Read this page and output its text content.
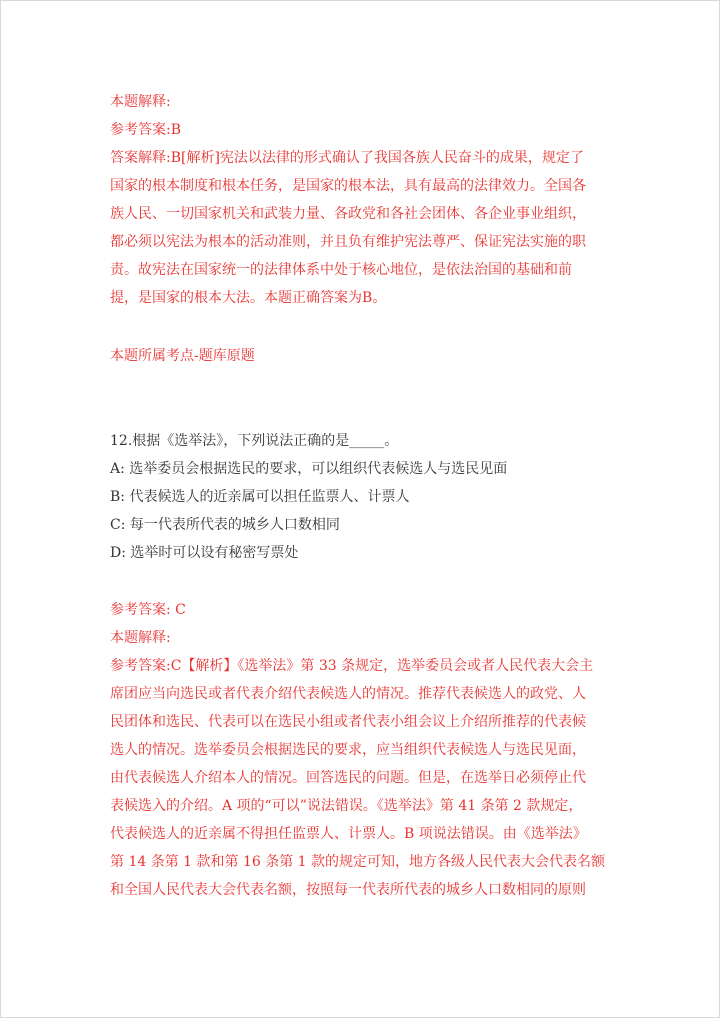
本题解释:
参考答案:B
答案解释:B[解析]宪法以法律的形式确认了我国各族人民奋斗的成果，规定了
国家的根本制度和根本任务，是国家的根本法，具有最高的法律效力。全国各
族人民、一切国家机关和武装力量、各政党和各社会团体、各企业事业组织，
都必须以宪法为根本的活动准则，并且负有维护宪法尊严、保证宪法实施的职
责。故宪法在国家统一的法律体系中处于核心地位，是依法治国的基础和前
提，是国家的根本大法。本题正确答案为B。
本题所属考点-题库原题
12.根据《选举法》，下列说法正确的是_____。
A: 选举委员会根据选民的要求，可以组织代表候选人与选民见面
B: 代表候选人的近亲属可以担任监票人、计票人
C: 每一代表所代表的城乡人口数相同
D: 选举时可以设有秘密写票处
参考答案: C
本题解释:
参考答案:C【解析】《选举法》第 33 条规定，选举委员会或者人民代表大会主
席团应当向选民或者代表介绍代表候选人的情况。推荐代表候选人的政党、人
民团体和选民、代表可以在选民小组或者代表小组会议上介绍所推荐的代表候
选人的情况。选举委员会根据选民的要求，应当组织代表候选人与选民见面，
由代表候选人介绍本人的情况。回答选民的问题。但是，在选举日必须停止代
表候选入的介绍。A 项的“可以”说法错误。《选举法》第 41 条第 2 款规定，
代表候选人的近亲属不得担任监票人、计票人。B 项说法错误。由《选举法》
第 14 条第 1 款和第 16 条第 1 款的规定可知，地方各级人民代表大会代表名额
和全国人民代表大会代表名额，按照每一代表所代表的城乡人口数相同的原则
